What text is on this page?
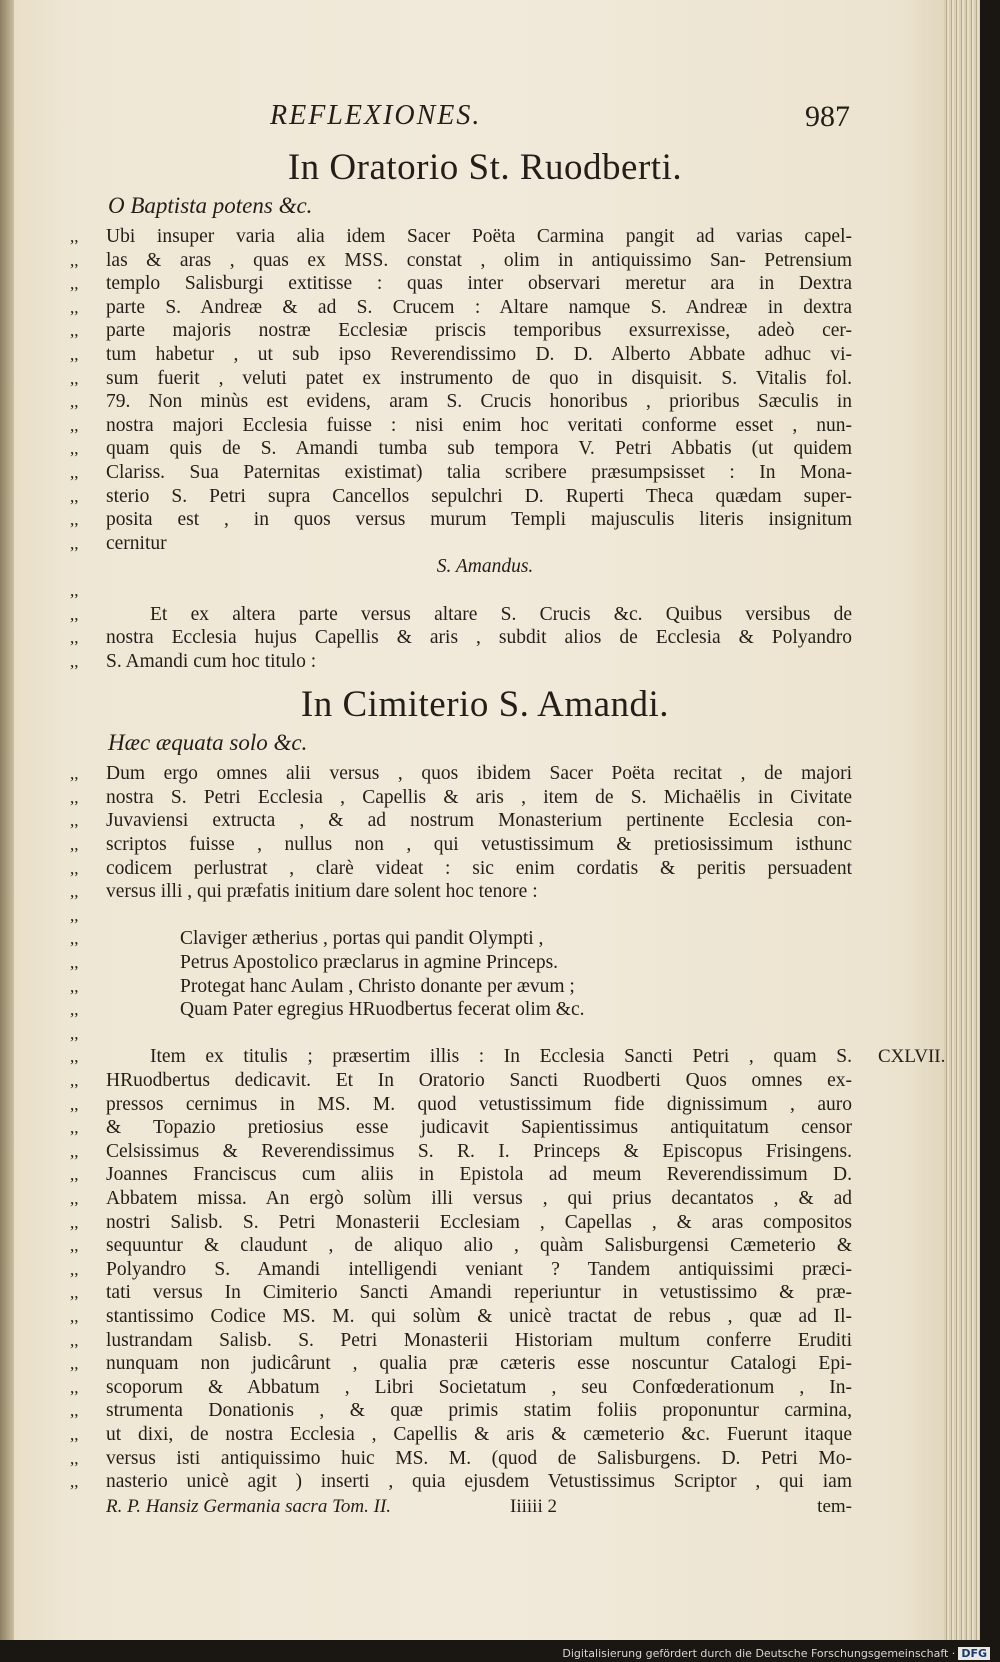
REFLEXIONES.	987
In Oratorio St. Ruodberti.
O Baptista potens &c.
,,	Ubi insuper varia alia idem Sacer Poëta Carmina pangit ad varias capel-
,,	las & aras , quas ex MSS. constat , olim in antiquissimo San- Petrensium
,,	templo Salisburgi extitisse : quas inter observari meretur ara in Dextra
,,	parte S. Andreæ & ad S. Crucem : Altare namque S. Andreæ in dextra
,,	parte majoris nostræ Ecclesiæ priscis temporibus exsurrexisse, adeò cer-
,,	tum habetur , ut sub ipso Reverendissimo D. D. Alberto Abbate adhuc vi-
,,	sum fuerit , veluti patet ex instrumento de quo in disquisit. S. Vitalis fol.
,,	79. Non minùs est evidens, aram S. Crucis honoribus , prioribus Sæculis in
,,	nostra majori Ecclesia fuisse : nisi enim hoc veritati conforme esset , nun-
,,	quam quis de S. Amandi tumba sub tempora V. Petri Abbatis (ut quidem
,,	Clariss. Sua Paternitas existimat) talia scribere præsumpsisset : In Mona-
,,	sterio S. Petri supra Cancellos sepulchri D. Ruperti Theca quædam super-
,,	posita est , in quos versus murum Templi majusculis literis insignitum
,,	cernitur
S. Amandus.
,,
,,	Et ex altera parte versus altare S. Crucis &c. Quibus versibus de
,,	nostra Ecclesia hujus Capellis & aris , subdit alios de Ecclesia & Polyandro
,,	S. Amandi cum hoc titulo :
In Cimiterio S. Amandi.
Hæc æquata solo &c.
,,	Dum ergo omnes alii versus , quos ibidem Sacer Poëta recitat , de majori
,,	nostra S. Petri Ecclesia , Capellis & aris , item de S. Michaëlis in Civitate
,,	Juvaviensi extructa , & ad nostrum Monasterium pertinente Ecclesia con-
,,	scriptos fuisse , nullus non , qui vetustissimum & pretiosissimum isthunc
,,	codicem perlustrat , clarè videat : sic enim cordatis & peritis persuadent
,,	versus illi , qui præfatis initium dare solent hoc tenore :
,,
,,	Claviger ætherius , portas qui pandit Olympti ,
,,	Petrus Apostolico præclarus in agmine Princeps.
,,	Protegat hanc Aulam , Christo donante per ævum ;
,,	Quam Pater egregius HRuodbertus fecerat olim &c.
,,
,,	Item ex titulis ; præsertim illis : In Ecclesia Sancti Petri , quam S. CXLVII.
,,	HRuodbertus dedicavit. Et In Oratorio Sancti Ruodberti Quos omnes ex-
,,	pressos cernimus in MS. M. quod vetustissimum fide dignissimum , auro
,,	& Topazio pretiosius esse judicavit Sapientissimus antiquitatum censor
,,	Celsissimus & Reverendissimus S. R. I. Princeps & Episcopus Frisingens.
,,	Joannes Franciscus cum aliis in Epistola ad meum Reverendissimum D.
,,	Abbatem missa. An ergò solùm illi versus , qui prius decantatos , & ad
,,	nostri Salisb. S. Petri Monasterii Ecclesiam , Capellas , & aras compositos
,,	sequuntur & claudunt , de aliquo alio , quàm Salisburgensi Cæmeterio &
,,	Polyandro S. Amandi intelligendi veniant ? Tandem antiquissimi præci-
,,	tati versus In Cimiterio Sancti Amandi reperiuntur in vetustissimo & præ-
,,	stantissimo Codice MS. M. qui solùm & unicè tractat de rebus , quæ ad Il-
,,	lustrandam Salisb. S. Petri Monasterii Historiam multum conferre Eruditi
,,	nunquam non judicârunt , qualia præ cæteris esse noscuntur Catalogi Epi-
,,	scoporum & Abbatum , Libri Societatum , seu Confœderationum , In-
,,	strumenta Donationis , & quæ primis statim foliis proponuntur carmina,
,,	ut dixi, de nostra Ecclesia , Capellis & aris & cæmeterio &c. Fuerunt itaque
,,	versus isti antiquissimo huic MS. M. (quod de Salisburgens. D. Petri Mo-
,,	nasterio unicè agit ) inserti , quia ejusdem Vetustissimus Scriptor , qui iam
R. P. Hansiz Germania sacra Tom. II.	Iiiiii 2	tem-
Digitalisierung gefördert durch die Deutsche Forschungsgemeinschaft · DFG
